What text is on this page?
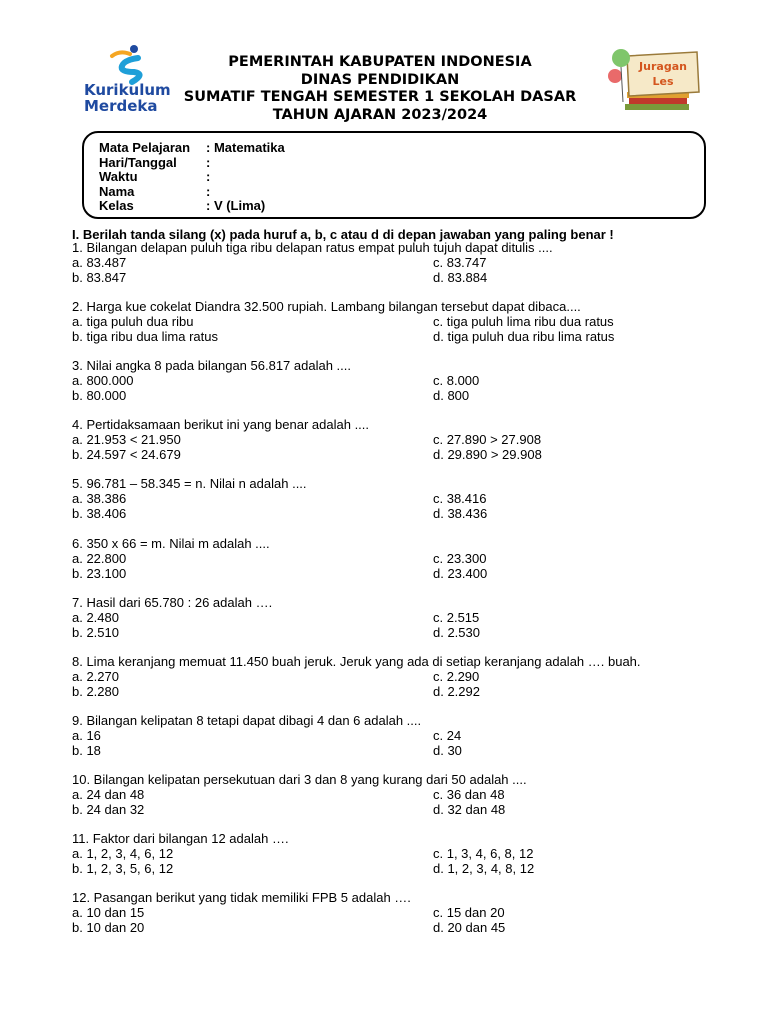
Kurikulum
Merdeka
PEMERINTAH KABUPATEN INDONESIA
DINAS PENDIDIKAN
SUMATIF TENGAH SEMESTER 1 SEKOLAH DASAR
TAHUN AJARAN 2023/2024
Juragan
Les
Mata Pelajaran : Matematika
Hari/Tanggal :
Waktu	:
Nama	:
Kelas	: V (Lima)
I. Berilah tanda silang (x) pada huruf a, b, c atau d di depan jawaban yang paling benar !
1. Bilangan delapan puluh tiga ribu delapan ratus empat puluh tujuh dapat ditulis ....
a. 83.487	c. 83.747
b. 83.847	d. 83.884
2. Harga kue cokelat Diandra 32.500 rupiah. Lambang bilangan tersebut dapat dibaca....
a. tiga puluh dua ribu	c. tiga puluh lima ribu dua ratus
b. tiga ribu dua lima ratus	d. tiga puluh dua ribu lima ratus
3. Nilai angka 8 pada bilangan 56.817 adalah ....
a. 800.000	c. 8.000
b. 80.000	d. 800
4. Pertidaksamaan berikut ini yang benar adalah ....
a. 21.953 < 21.950	c. 27.890 > 27.908
b. 24.597 < 24.679	d. 29.890 > 29.908
5. 96.781 – 58.345 = n. Nilai n adalah ....
a. 38.386	c. 38.416
b. 38.406	d. 38.436
6. 350 x 66 = m. Nilai m adalah ....
a. 22.800	c. 23.300
b. 23.100	d. 23.400
7. Hasil dari 65.780 : 26 adalah ….
a. 2.480	c. 2.515
b. 2.510	d. 2.530
8. Lima keranjang memuat 11.450 buah jeruk. Jeruk yang ada di setiap keranjang adalah …. buah.
a. 2.270	c. 2.290
b. 2.280	d. 2.292
9. Bilangan kelipatan 8 tetapi dapat dibagi 4 dan 6 adalah ....
a. 16	c. 24
b. 18	d. 30
10. Bilangan kelipatan persekutuan dari 3 dan 8 yang kurang dari 50 adalah ....
a. 24 dan 48	c. 36 dan 48
b. 24 dan 32	d. 32 dan 48
11. Faktor dari bilangan 12 adalah ….
a. 1, 2, 3, 4, 6, 12	c. 1, 3, 4, 6, 8, 12
b. 1, 2, 3, 5, 6, 12	d. 1, 2, 3, 4, 8, 12
12. Pasangan berikut yang tidak memiliki FPB 5 adalah ….
a. 10 dan 15	c. 15 dan 20
b. 10 dan 20	d. 20 dan 45
